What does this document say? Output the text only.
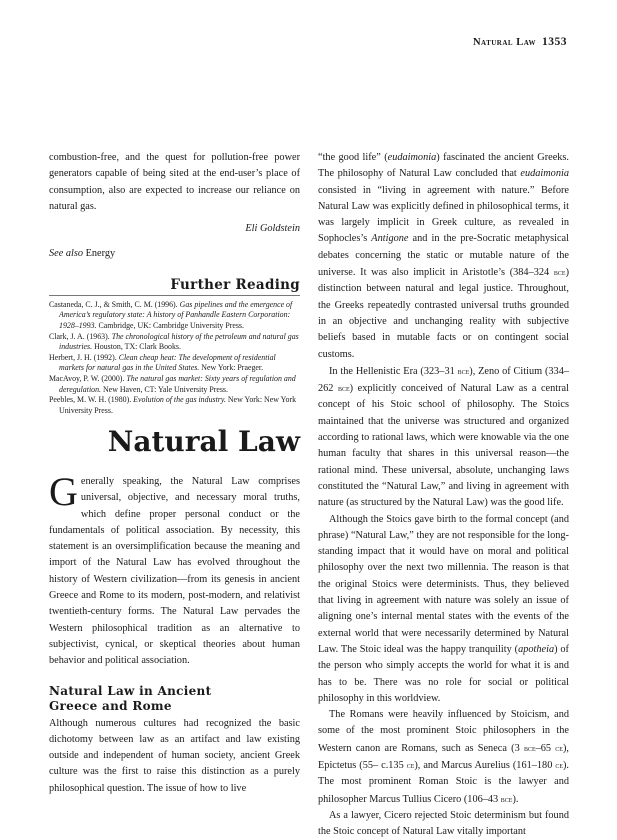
Natural Law 1353

combustion-free, and the quest for pollution-free power generators capable of being sited at the end-user’s place of consumption, also are expected to increase our reliance on natural gas.

Eli Goldstein

See also Energy

Further Reading

Castaneda, C. J., & Smith, C. M. (1996). Gas pipelines and the emergence of America’s regulatory state: A history of Panhandle Eastern Corporation: 1928–1993. Cambridge, UK: Cambridge University Press.

Clark, J. A. (1963). The chronological history of the petroleum and natural gas industries. Houston, TX: Clark Books.

Herbert, J. H. (1992). Clean cheap heat: The development of residential markets for natural gas in the United States. New York: Praeger.

MacAvoy, P. W. (2000). The natural gas market: Sixty years of regulation and deregulation. New Haven, CT: Yale University Press.

Peebles, M. W. H. (1980). Evolution of the gas industry. New York: New York University Press.

Natural Law

Generally speaking, the Natural Law comprises universal, objective, and necessary moral truths, which define proper personal conduct or the fundamentals of political association. By necessity, this statement is an oversimplification because the meaning and import of the Natural Law has evolved throughout the history of Western civilization—from its genesis in ancient Greece and Rome to its modern, post-modern, and relativist twentieth-century forms. The Natural Law pervades the Western philosophical tradition as an alternative to subjectivist, cynical, or skeptical theories about human behavior and political association.

Natural Law in Ancient
Greece and Rome

Although numerous cultures had recognized the basic dichotomy between law as an artifact and law existing outside and independent of human society, ancient Greek culture was the first to raise this distinction as a purely philosophical question. The issue of how to live

“the good life” (eudaimonia) fascinated the ancient Greeks. The philosophy of Natural Law concluded that eudaimonia consisted in “living in agreement with nature.” Before Natural Law was explicitly defined in philosophical terms, it was largely implicit in Greek culture, as revealed in Sophocles’s Antigone and in the pre-Socratic metaphysical debates concerning the static or mutable nature of the universe. It was also implicit in Aristotle’s (384–324 bce) distinction between natural and legal justice. Throughout, the Greeks repeatedly contrasted universal truths grounded in an objective and unchanging reality with subjective beliefs based in mutable facts or on contingent social customs.

In the Hellenistic Era (323–31 bce), Zeno of Citium (334–262 bce) explicitly conceived of Natural Law as a central concept of his Stoic school of philosophy. The Stoics maintained that the universe was structured and organized according to rational laws, which were knowable via the one human faculty that shares in this universal reason—the rational mind. These universal, absolute, unchanging laws constituted the “Natural Law,” and living in agreement with nature (as structured by the Natural Law) was the good life.

Although the Stoics gave birth to the formal concept (and phrase) “Natural Law,” they are not responsible for the long-standing impact that it would have on moral and political philosophy over the next two millennia. The reason is that the original Stoics were determinists. Thus, they believed that living in agreement with nature was solely an issue of aligning one’s internal mental states with the events of the external world that were necessarily determined by Natural Law. The Stoic ideal was the happy tranquility (apotheia) of the person who simply accepts the world for what it is and has to be. There was no role for social or political philosophy in this worldview.

The Romans were heavily influenced by Stoicism, and some of the most prominent Stoic philosophers in the Western canon are Romans, such as Seneca (3 bce–65 ce), Epictetus (55– c.135 ce), and Marcus Aurelius (161–180 ce). The most prominent Roman Stoic is the lawyer and philosopher Marcus Tullius Cicero (106–43 bce).

As a lawyer, Cicero rejected Stoic determinism but found the Stoic concept of Natural Law vitally important
